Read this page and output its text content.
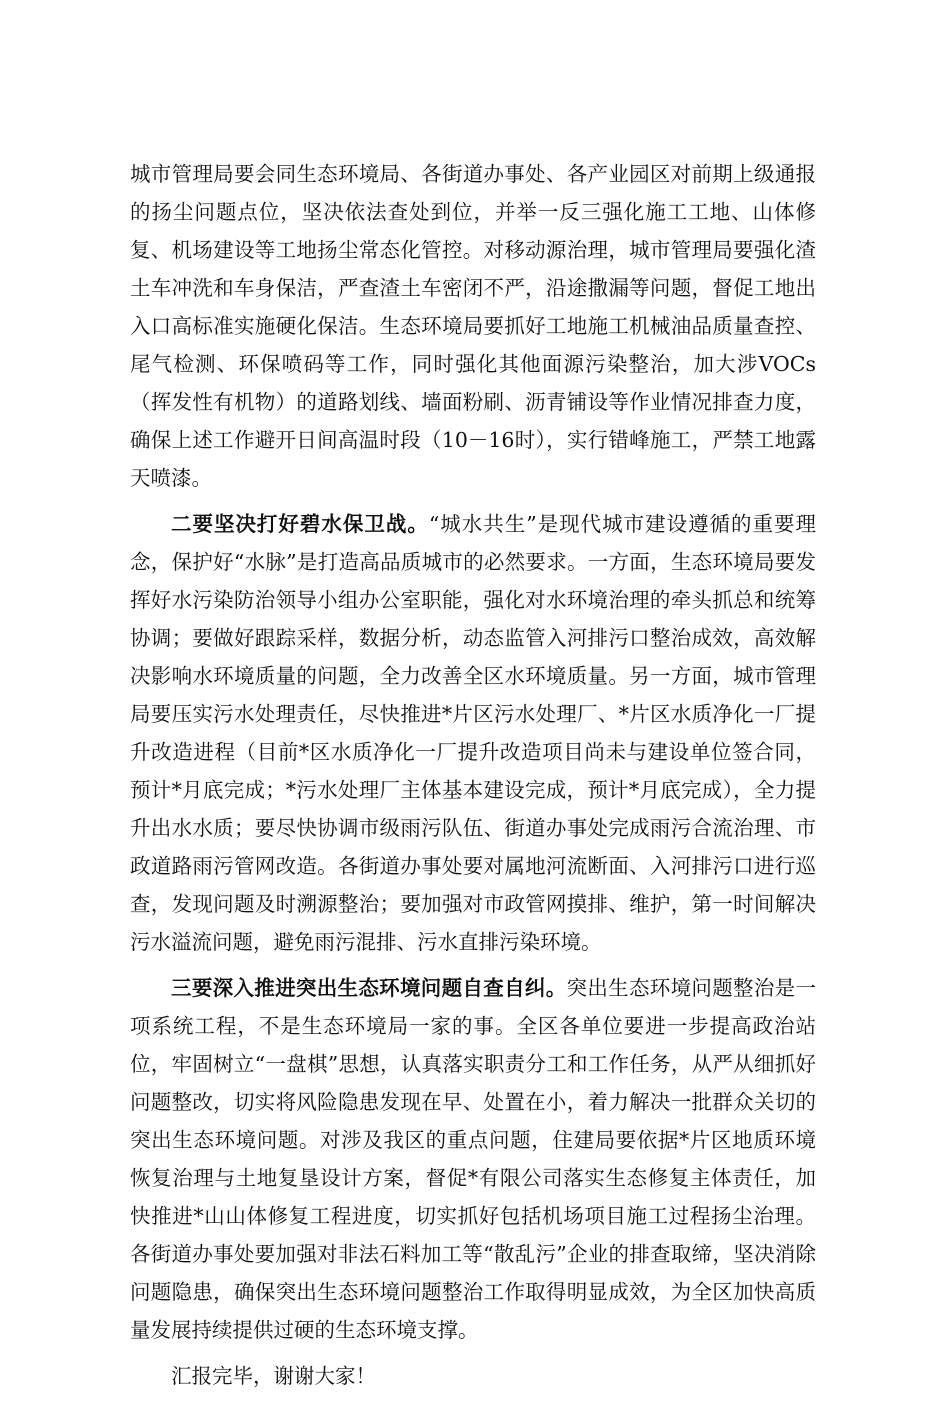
城市管理局要会同生态环境局、各街道办事处、各产业园区对前期上级通报的扬尘问题点位，坚决依法查处到位，并举一反三强化施工工地、山体修复、机场建设等工地扬尘常态化管控。对移动源治理，城市管理局要强化渣土车冲洗和车身保洁，严查渣土车密闭不严，沿途撒漏等问题，督促工地出入口高标准实施硬化保洁。生态环境局要抓好工地施工机械油品质量查控、尾气检测、环保喷码等工作，同时强化其他面源污染整治，加大涉VOCs（挥发性有机物）的道路划线、墙面粉刷、沥青铺设等作业情况排查力度，确保上述工作避开日间高温时段（10－16时），实行错峰施工，严禁工地露天喷漆。

二要坚决打好碧水保卫战。“城水共生”是现代城市建设遵循的重要理念，保护好“水脉”是打造高品质城市的必然要求。一方面，生态环境局要发挥好水污染防治领导小组办公室职能，强化对水环境治理的牵头抓总和统筹协调；要做好跟踪采样，数据分析，动态监管入河排污口整治成效，高效解决影响水环境质量的问题，全力改善全区水环境质量。另一方面，城市管理局要压实污水处理责任，尽快推进*片区污水处理厂、*片区水质净化一厂提升改造进程（目前*区水质净化一厂提升改造项目尚未与建设单位签合同，预计*月底完成；*污水处理厂主体基本建设完成，预计*月底完成），全力提升出水水质；要尽快协调市级雨污队伍、街道办事处完成雨污合流治理、市政道路雨污管网改造。各街道办事处要对属地河流断面、入河排污口进行巡查，发现问题及时溯源整治；要加强对市政管网摸排、维护，第一时间解决污水溢流问题，避免雨污混排、污水直排污染环境。

三要深入推进突出生态环境问题自查自纠。突出生态环境问题整治是一项系统工程，不是生态环境局一家的事。全区各单位要进一步提高政治站位，牢固树立“一盘棋”思想，认真落实职责分工和工作任务，从严从细抓好问题整改，切实将风险隐患发现在早、处置在小，着力解决一批群众关切的突出生态环境问题。对涉及我区的重点问题，住建局要依据*片区地质环境恢复治理与土地复垦设计方案，督促*有限公司落实生态修复主体责任，加快推进*山山体修复工程进度，切实抓好包括机场项目施工过程扬尘治理。各街道办事处要加强对非法石料加工等“散乱污”企业的排查取缔，坚决消除问题隐患，确保突出生态环境问题整治工作取得明显成效，为全区加快高质量发展持续提供过硬的生态环境支撑。

汇报完毕，谢谢大家！
